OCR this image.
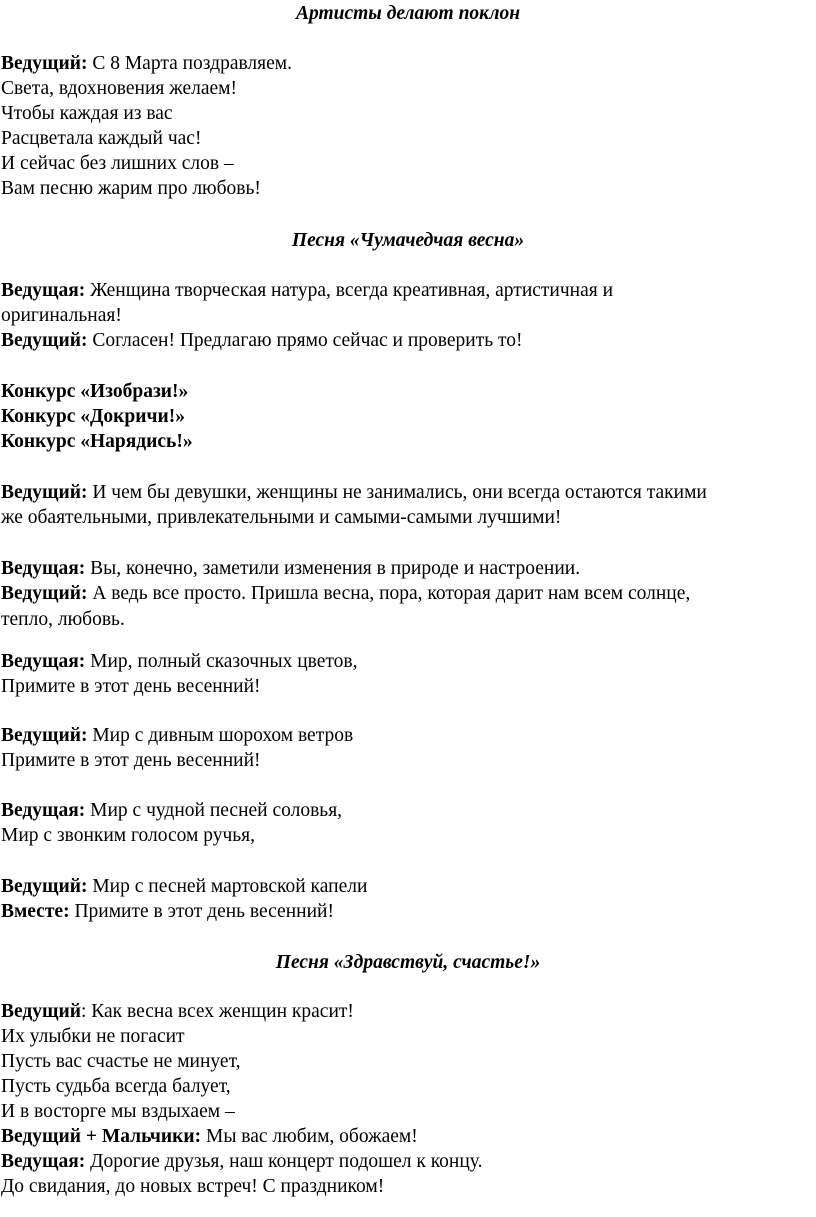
Артисты делают поклон
Ведущий: С 8 Марта поздравляем.
Света, вдохновения желаем!
Чтобы каждая из вас
Расцветала каждый час!
И сейчас без лишних слов –
Вам песню жарим про любовь!
Песня «Чумачедчая весна»
Ведущая: Женщина творческая натура, всегда креативная, артистичная и
оригинальная!
Ведущий: Согласен! Предлагаю прямо сейчас и проверить то!
Конкурс «Изобрази!»
Конкурс «Докричи!»
Конкурс «Нарядись!»
Ведущий: И чем бы девушки, женщины не занимались, они всегда остаются такими
же обаятельными, привлекательными и самыми-самыми лучшими!
Ведущая: Вы, конечно, заметили изменения в природе и настроении.
Ведущий: А ведь все просто. Пришла весна, пора, которая дарит нам всем солнце,
тепло, любовь.
Ведущая: Мир, полный сказочных цветов,
Примите в этот день весенний!
Ведущий: Мир с дивным шорохом ветров
Примите в этот день весенний!
Ведущая: Мир с чудной песней соловья,
Мир с звонким голосом ручья,
Ведущий: Мир с песней мартовской капели
Вместе: Примите в этот день весенний!
Песня «Здравствуй, счастье!»
Ведущий: Как весна всех женщин красит!
Их улыбки не погасит
Пусть вас счастье не минует,
Пусть судьба всегда балует,
И в восторге мы вздыхаем –
Ведущий + Мальчики: Мы вас любим, обожаем!
Ведущая: Дорогие друзья, наш концерт подошел к концу.
До свидания, до новых встреч! С праздником!
